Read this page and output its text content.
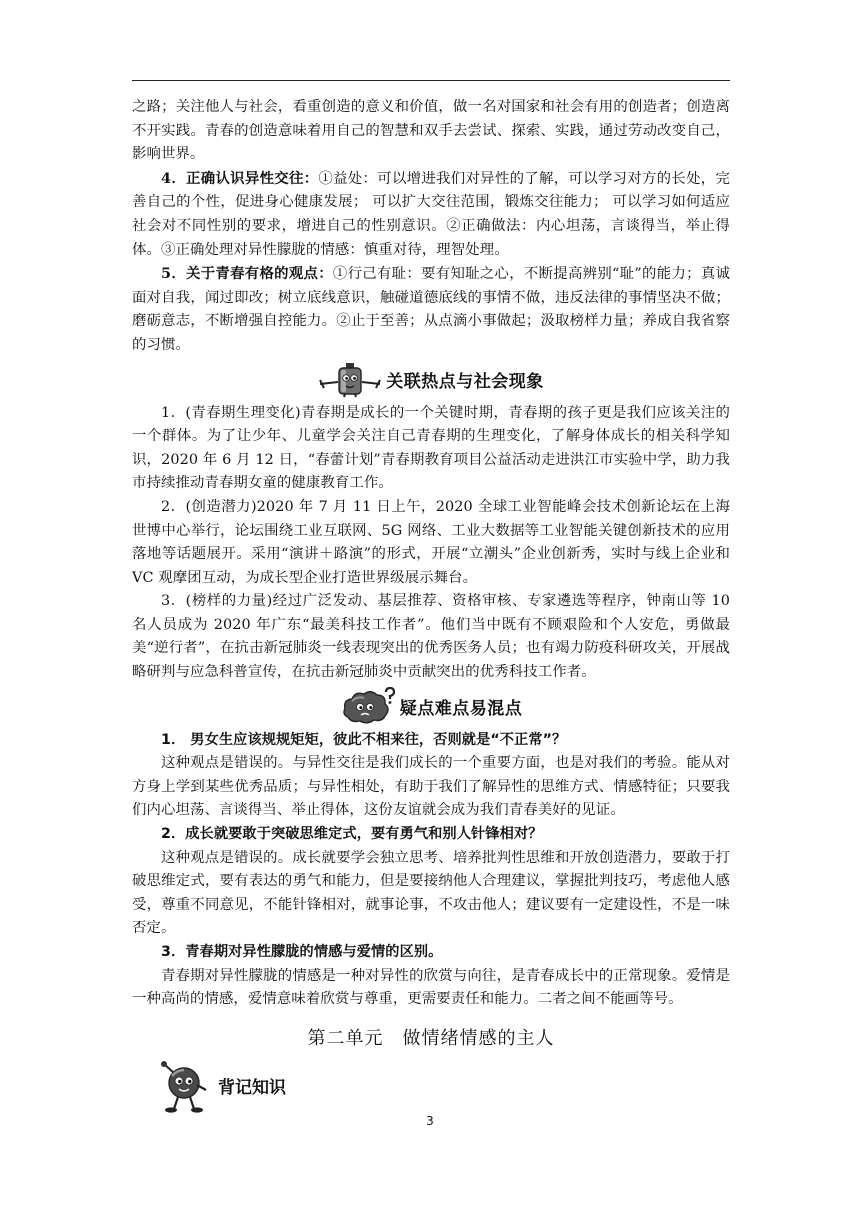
之路；关注他人与社会，看重创造的意义和价值，做一名对国家和社会有用的创造者；创造离不开实践。青春的创造意味着用自己的智慧和双手去尝试、探索、实践，通过劳动改变自己，影响世界。

4．正确认识异性交往：①益处：可以增进我们对异性的了解，可以学习对方的长处，完善自己的个性，促进身心健康发展； 可以扩大交往范围，锻炼交往能力； 可以学习如何适应社会对不同性别的要求，增进自己的性别意识。②正确做法：内心坦荡，言谈得当，举止得体。③正确处理对异性朦胧的情感：慎重对待，理智处理。

5．关于青春有格的观点：①行己有耻：要有知耻之心，不断提高辨别“耻”的能力；真诚面对自我，闻过即改；树立底线意识，触碰道德底线的事情不做，违反法律的事情坚决不做；磨砺意志，不断增强自控能力。②止于至善；从点滴小事做起；汲取榜样力量；养成自我省察的习惯。

关联热点与社会现象

1．(青春期生理变化)青春期是成长的一个关键时期，青春期的孩子更是我们应该关注的一个群体。为了让少年、儿童学会关注自己青春期的生理变化，了解身体成长的相关科学知识，2020 年 6 月 12 日，“春蕾计划”青春期教育项目公益活动走进洪江市实验中学，助力我市持续推动青春期女童的健康教育工作。

2．(创造潜力)2020 年 7 月 11 日上午，2020 全球工业智能峰会技术创新论坛在上海世博中心举行，论坛围绕工业互联网、5G 网络、工业大数据等工业智能关键创新技术的应用落地等话题展开。采用“演讲＋路演”的形式，开展“立潮头”企业创新秀，实时与线上企业和 VC 观摩团互动，为成长型企业打造世界级展示舞台。

3．(榜样的力量)经过广泛发动、基层推荐、资格审核、专家遴选等程序，钟南山等 10 名人员成为 2020 年广东“最美科技工作者”。他们当中既有不顾艰险和个人安危，勇做最美“逆行者”，在抗击新冠肺炎一线表现突出的优秀医务人员；也有竭力防疫科研攻关，开展战略研判与应急科普宣传，在抗击新冠肺炎中贡献突出的优秀科技工作者。

疑点难点易混点

1． 男女生应该规规矩矩，彼此不相来往，否则就是“不正常”？

这种观点是错误的。与异性交往是我们成长的一个重要方面，也是对我们的考验。能从对方身上学到某些优秀品质；与异性相处，有助于我们了解异性的思维方式、情感特征；只要我们内心坦荡、言谈得当、举止得体，这份友谊就会成为我们青春美好的见证。

2．成长就要敢于突破思维定式，要有勇气和别人针锋相对？

这种观点是错误的。成长就要学会独立思考、培养批判性思维和开放创造潜力，要敢于打破思维定式，要有表达的勇气和能力，但是要接纳他人合理建议，掌握批判技巧，考虑他人感受，尊重不同意见，不能针锋相对，就事论事，不攻击他人；建议要有一定建设性，不是一味否定。

3．青春期对异性朦胧的情感与爱情的区别。

青春期对异性朦胧的情感是一种对异性的欣赏与向往，是青春成长中的正常现象。爱情是一种高尚的情感，爱情意味着欣赏与尊重，更需要责任和能力。二者之间不能画等号。

第二单元　做情绪情感的主人
背记知识
3
